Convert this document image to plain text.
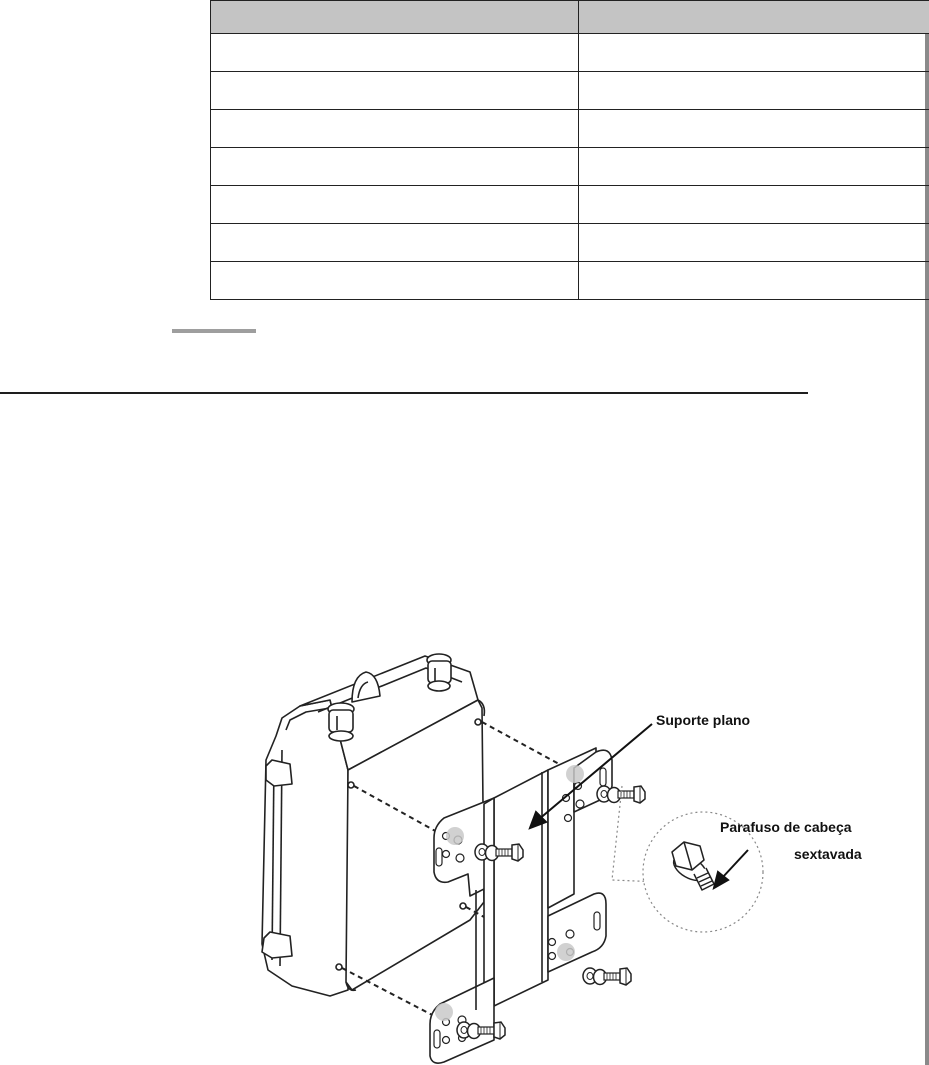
Suporte plano
Parafuso de cabeça
sextavada
